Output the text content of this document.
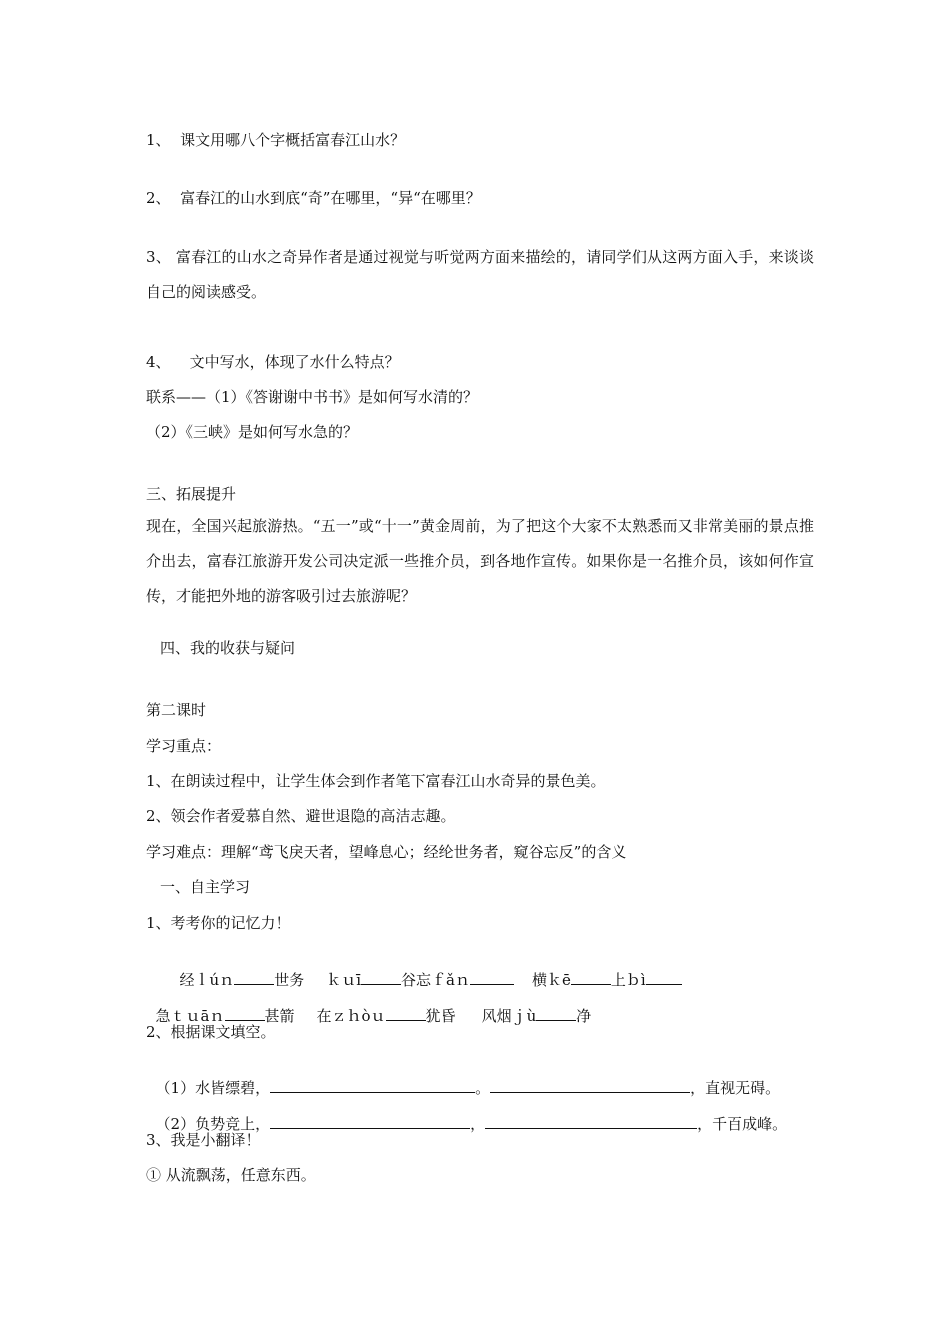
1、  课文用哪八个字概括富春江山水？
2、  富春江的山水到底“奇”在哪里，“异“在哪里？
3、 富春江的山水之奇异作者是通过视觉与听觉两方面来描绘的，请同学们从这两方面入手，来谈谈自己的阅读感受。
4、    文中写水，体现了水什么特点？
联系——（1）《答谢谢中书书》是如何写水清的？
（2）《三峡》是如何写水急的？
三、拓展提升
现在，全国兴起旅游热。“五一”或“十一”黄金周前，为了把这个大家不太熟悉而又非常美丽的景点推介出去，富春江旅游开发公司决定派一些推介员，到各地作宣传。如果你是一名推介员，该如何作宣传，才能把外地的游客吸引过去旅游呢？
四、我的收获与疑问
第二课时
学习重点：
1、在朗读过程中，让学生体会到作者笔下富春江山水奇异的景色美。
2、领会作者爱慕自然、避世退隐的高洁志趣。
学习难点：理解“鸢飞戾天者，望峰息心；经纶世务者，窥谷忘反”的含义
一、自主学习
1、考考你的记忆力！

经ｌúｎ	世务 ｋｕī	谷忘ｆǎｎ	横ｋē	上ｂì

急ｔｕāｎ	甚箭 在ｚｈòｕ	犹昏 风烟ｊù	净

2、根据课文填空。

（1）水皆缥碧，	。	，直视无碍。

（2）负势竞上，	，	，千百成峰。

3、我是小翻译！
① 从流飘荡，任意东西。
